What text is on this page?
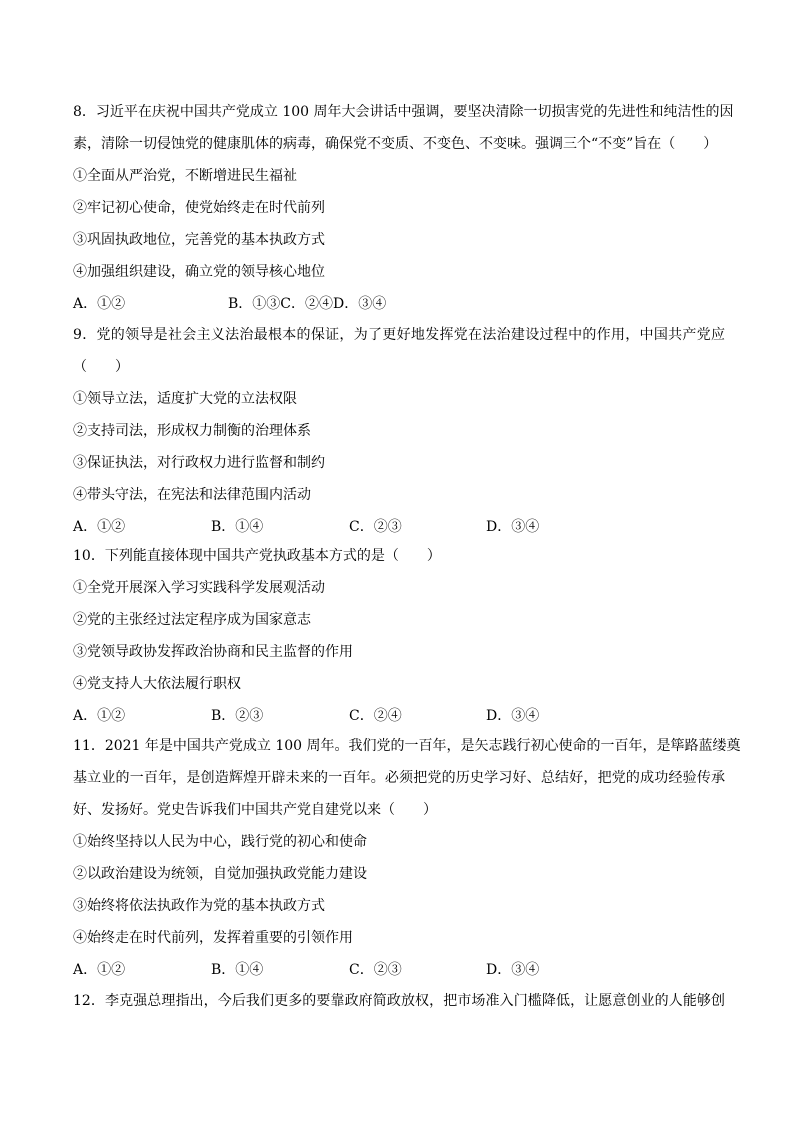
8．习近平在庆祝中国共产党成立 100 周年大会讲话中强调，要坚决清除一切损害党的先进性和纯洁性的因
素，清除一切侵蚀党的健康肌体的病毒，确保党不变质、不变色、不变味。强调三个“不变”旨在（　　）
①全面从严治党，不断增进民生福祉
②牢记初心使命，使党始终走在时代前列
③巩固执政地位，完善党的基本执政方式
④加强组织建设，确立党的领导核心地位
A．①②	B．①③C．②④D．③④
9．党的领导是社会主义法治最根本的保证，为了更好地发挥党在法治建设过程中的作用，中国共产党应
（　　）
①领导立法，适度扩大党的立法权限
②支持司法，形成权力制衡的治理体系
③保证执法，对行政权力进行监督和制约
④带头守法，在宪法和法律范围内活动
A．①②	B．①④	C．②③	D．③④
10．下列能直接体现中国共产党执政基本方式的是（　　）
①全党开展深入学习实践科学发展观活动
②党的主张经过法定程序成为国家意志
③党领导政协发挥政治协商和民主监督的作用
④党支持人大依法履行职权
A．①②	B．②③	C．②④	D．③④
11．2021 年是中国共产党成立 100 周年。我们党的一百年，是矢志践行初心使命的一百年，是筚路蓝缕奠
基立业的一百年，是创造辉煌开辟未来的一百年。必须把党的历史学习好、总结好，把党的成功经验传承
好、发扬好。党史告诉我们中国共产党自建党以来（　　）
①始终坚持以人民为中心，践行党的初心和使命
②以政治建设为统领，自觉加强执政党能力建设
③始终将依法执政作为党的基本执政方式
④始终走在时代前列，发挥着重要的引领作用
A．①②	B．①④	C．②③	D．③④
12．李克强总理指出，今后我们更多的要靠政府简政放权，把市场准入门槛降低，让愿意创业的人能够创
